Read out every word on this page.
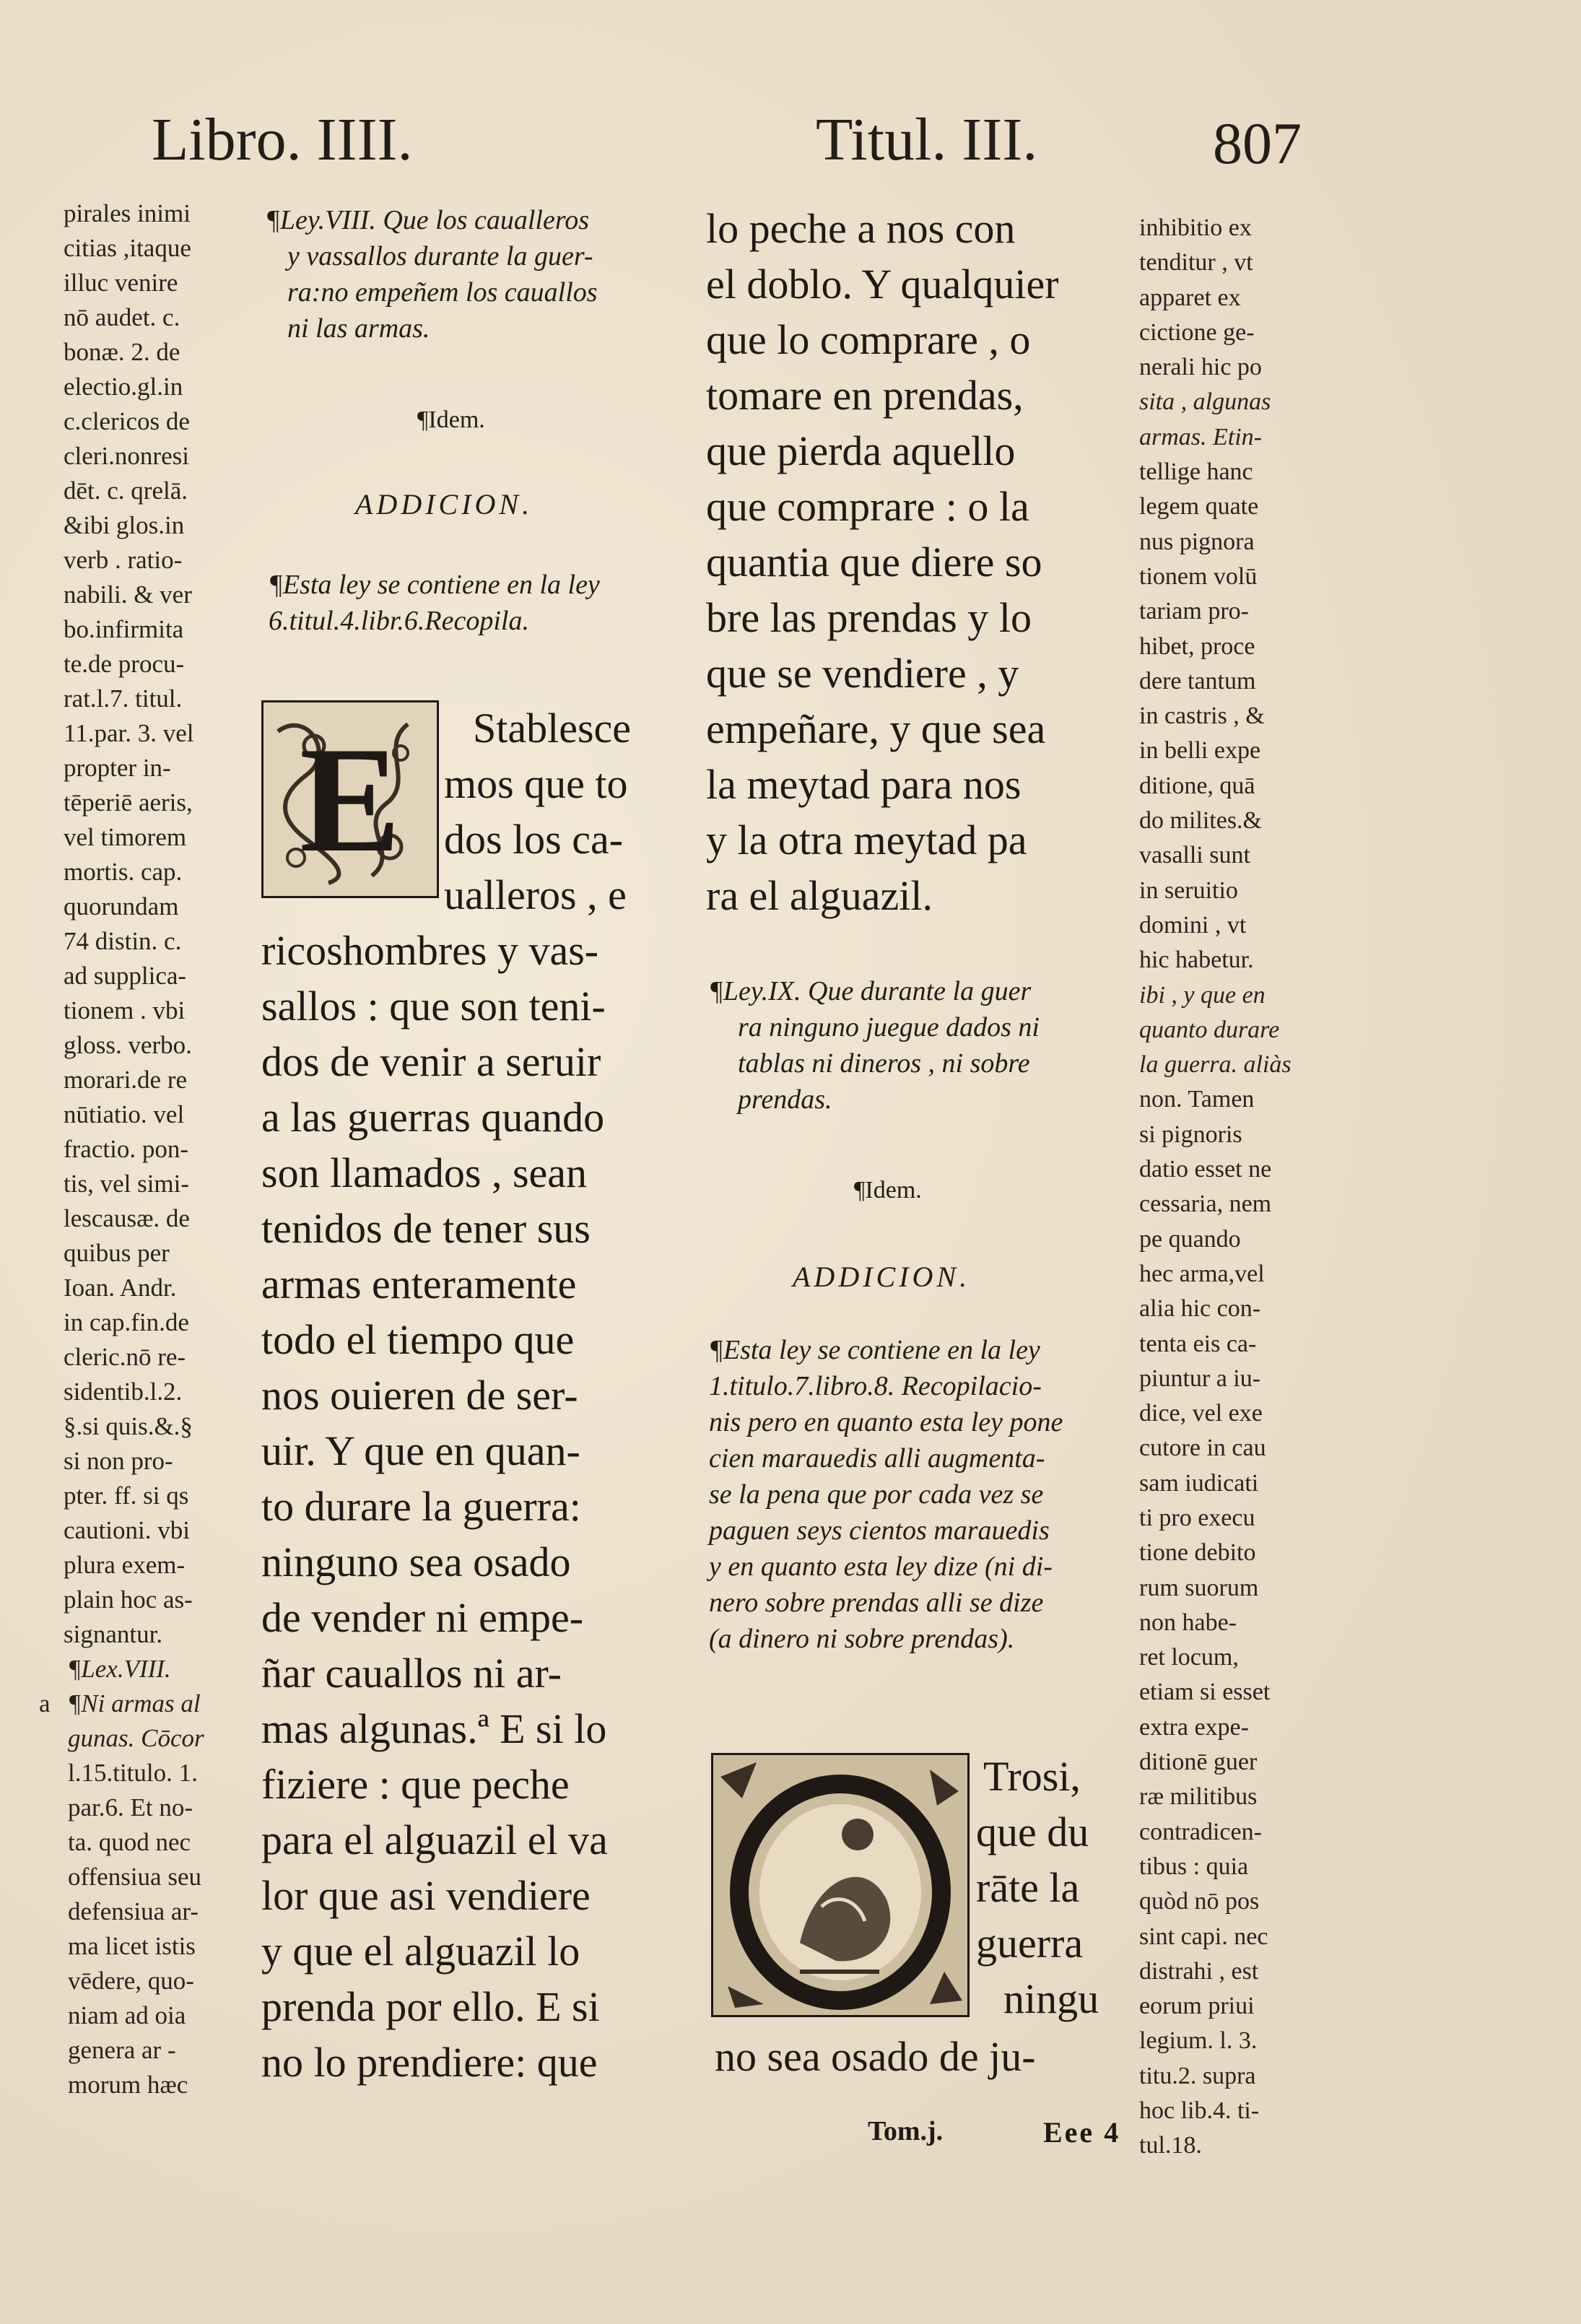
Libro. IIII.	Titul. III.	807
pirales inimi
citias ,itaque
illuc venire
nō audet. c.
bonæ. 2. de
electio.gl.in
c.clericos de
cleri.nonresi
dēt. c. qrelā.
&ibi glos.in
verb . ratio-
nabili. & ver
bo.infirmita
te.de procu-
rat.l.7. titul.
11.par. 3. vel
propter in-
tēperiē aeris,
vel timorem
mortis. cap.
quorundam
74 distin. c.
ad supplica-
tionem . vbi
gloss. verbo.
morari.de re
nūtiatio. vel
fractio. pon-
tis, vel simi-
lescausæ. de
quibus per
Ioan. Andr.
in cap.fin.de
cleric.nō re-
sidentib.l.2.
§.si quis.&.§
si non pro-
pter. ff. si qs
cautioni. vbi
plura exem-
plain hoc as-
signantur.
¶Lex.VIII.
a ¶Ni armas al
gunas. Cōcor
l.15.titulo. 1.
par.6. Et no-
ta. quod nec
offensiua seu
defensiua ar-
ma licet istis
vēdere, quo-
niam ad oia
genera ar -
morum hæc
¶Ley.VIII. Que los caualleros
y vassallos durante la guer-
ra:no empeñem los cauallos
ni las armas.
¶Idem.
ADDICION.
¶Esta ley se contiene en la ley
6.titul.4.libr.6.Recopila.
E Stablesce
mos que to
dos los ca-
ualleros , e
ricoshombres y vas-
sallos : que son teni-
dos de venir a seruir
a las guerras quando
son llamados , sean
tenidos de tener sus
armas enteramente
todo el tiempo que
nos ouieren de ser-
uir. Y que en quan-
to durare la guerra:
ninguno sea osado
de vender ni empe-
ñar cauallos ni ar-
mas algunas.ª E si lo
fiziere : que peche
para el alguazil el va
lor que asi vendiere
y que el alguazil lo
prenda por ello. E si
no lo prendiere: que
lo peche a nos con
el doblo. Y qualquier
que lo comprare , o
tomare en prendas,
que pierda aquello
que comprare : o la
quantia que diere so
bre las prendas y lo
que se vendiere , y
empeñare, y que sea
la meytad para nos
y la otra meytad pa
ra el alguazil.
¶Ley.IX. Que durante la guer
ra ninguno juegue dados ni
tablas ni dineros , ni sobre
prendas.
¶Idem.
ADDICION.
¶Esta ley se contiene en la ley
1.titulo.7.libro.8. Recopilacio-
nis pero en quanto esta ley pone
cien marauedis alli augmenta-
se la pena que por cada vez se
paguen seys cientos marauedis
y en quanto esta ley dize (ni di-
nero sobre prendas alli se dize
(a dinero ni sobre prendas).
Trosi,
que du
rāte la
guerra
ningu
no sea osado de ju-
inhibitio ex
tenditur , vt
apparet ex
cictione ge-
nerali hic po
sita , algunas
armas. Etin-
tellige hanc
legem quate
nus pignora
tionem volū
tariam pro-
hibet, proce
dere tantum
in castris , &
in belli expe
ditione, quā
do milites.&
vasalli sunt
in seruitio
domini , vt
hic habetur.
ibi , y que en
quanto durare
la guerra. aliàs
non. Tamen
si pignoris
datio esset ne
cessaria, nem
pe quando
hec arma,vel
alia hic con-
tenta eis ca-
piuntur a iu-
dice, vel exe
cutore in cau
sam iudicati
ti pro execu
tione debito
rum suorum
non habe-
ret locum,
etiam si esset
extra expe-
ditionē guer
ræ militibus
contradicen-
tibus : quia
quòd nō pos
sint capi. nec
distrahi , est
eorum priui
legium. l. 3.
titu.2. supra
hoc lib.4. ti-
tul.18.
Tom.j.	Eee 4
